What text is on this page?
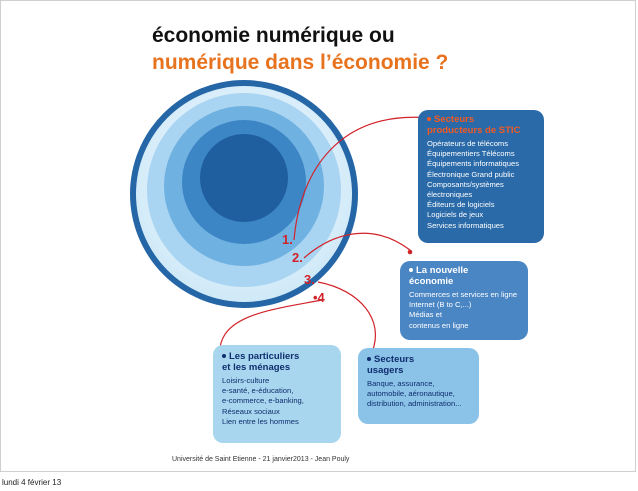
économie numérique ou
numérique dans l’économie ?
1.
2.
3.
•4
Secteurs
producteurs de STIC
Opérateurs de télécoms
Équipementiers Télécoms
Équipements informatiques
Électronique Grand public
Composants/systèmes
électroniques
Éditeurs de logiciels
Logiciels de jeux
Services informatiques
La nouvelle
économie
Commerces et services en ligne
Internet (B to C,...)
Médias et
contenus en ligne
Les particuliers
et les ménages
Loisirs-culture
e-santé, e-éducation,
e-commerce, e-banking,
Réseaux sociaux
Lien entre les hommes
Secteurs
usagers
Banque, assurance,
automobile, aéronautique,
distribution, administration...
Université de Saint Etienne - 21 janvier2013 - Jean Pouly
lundi 4 février 13
